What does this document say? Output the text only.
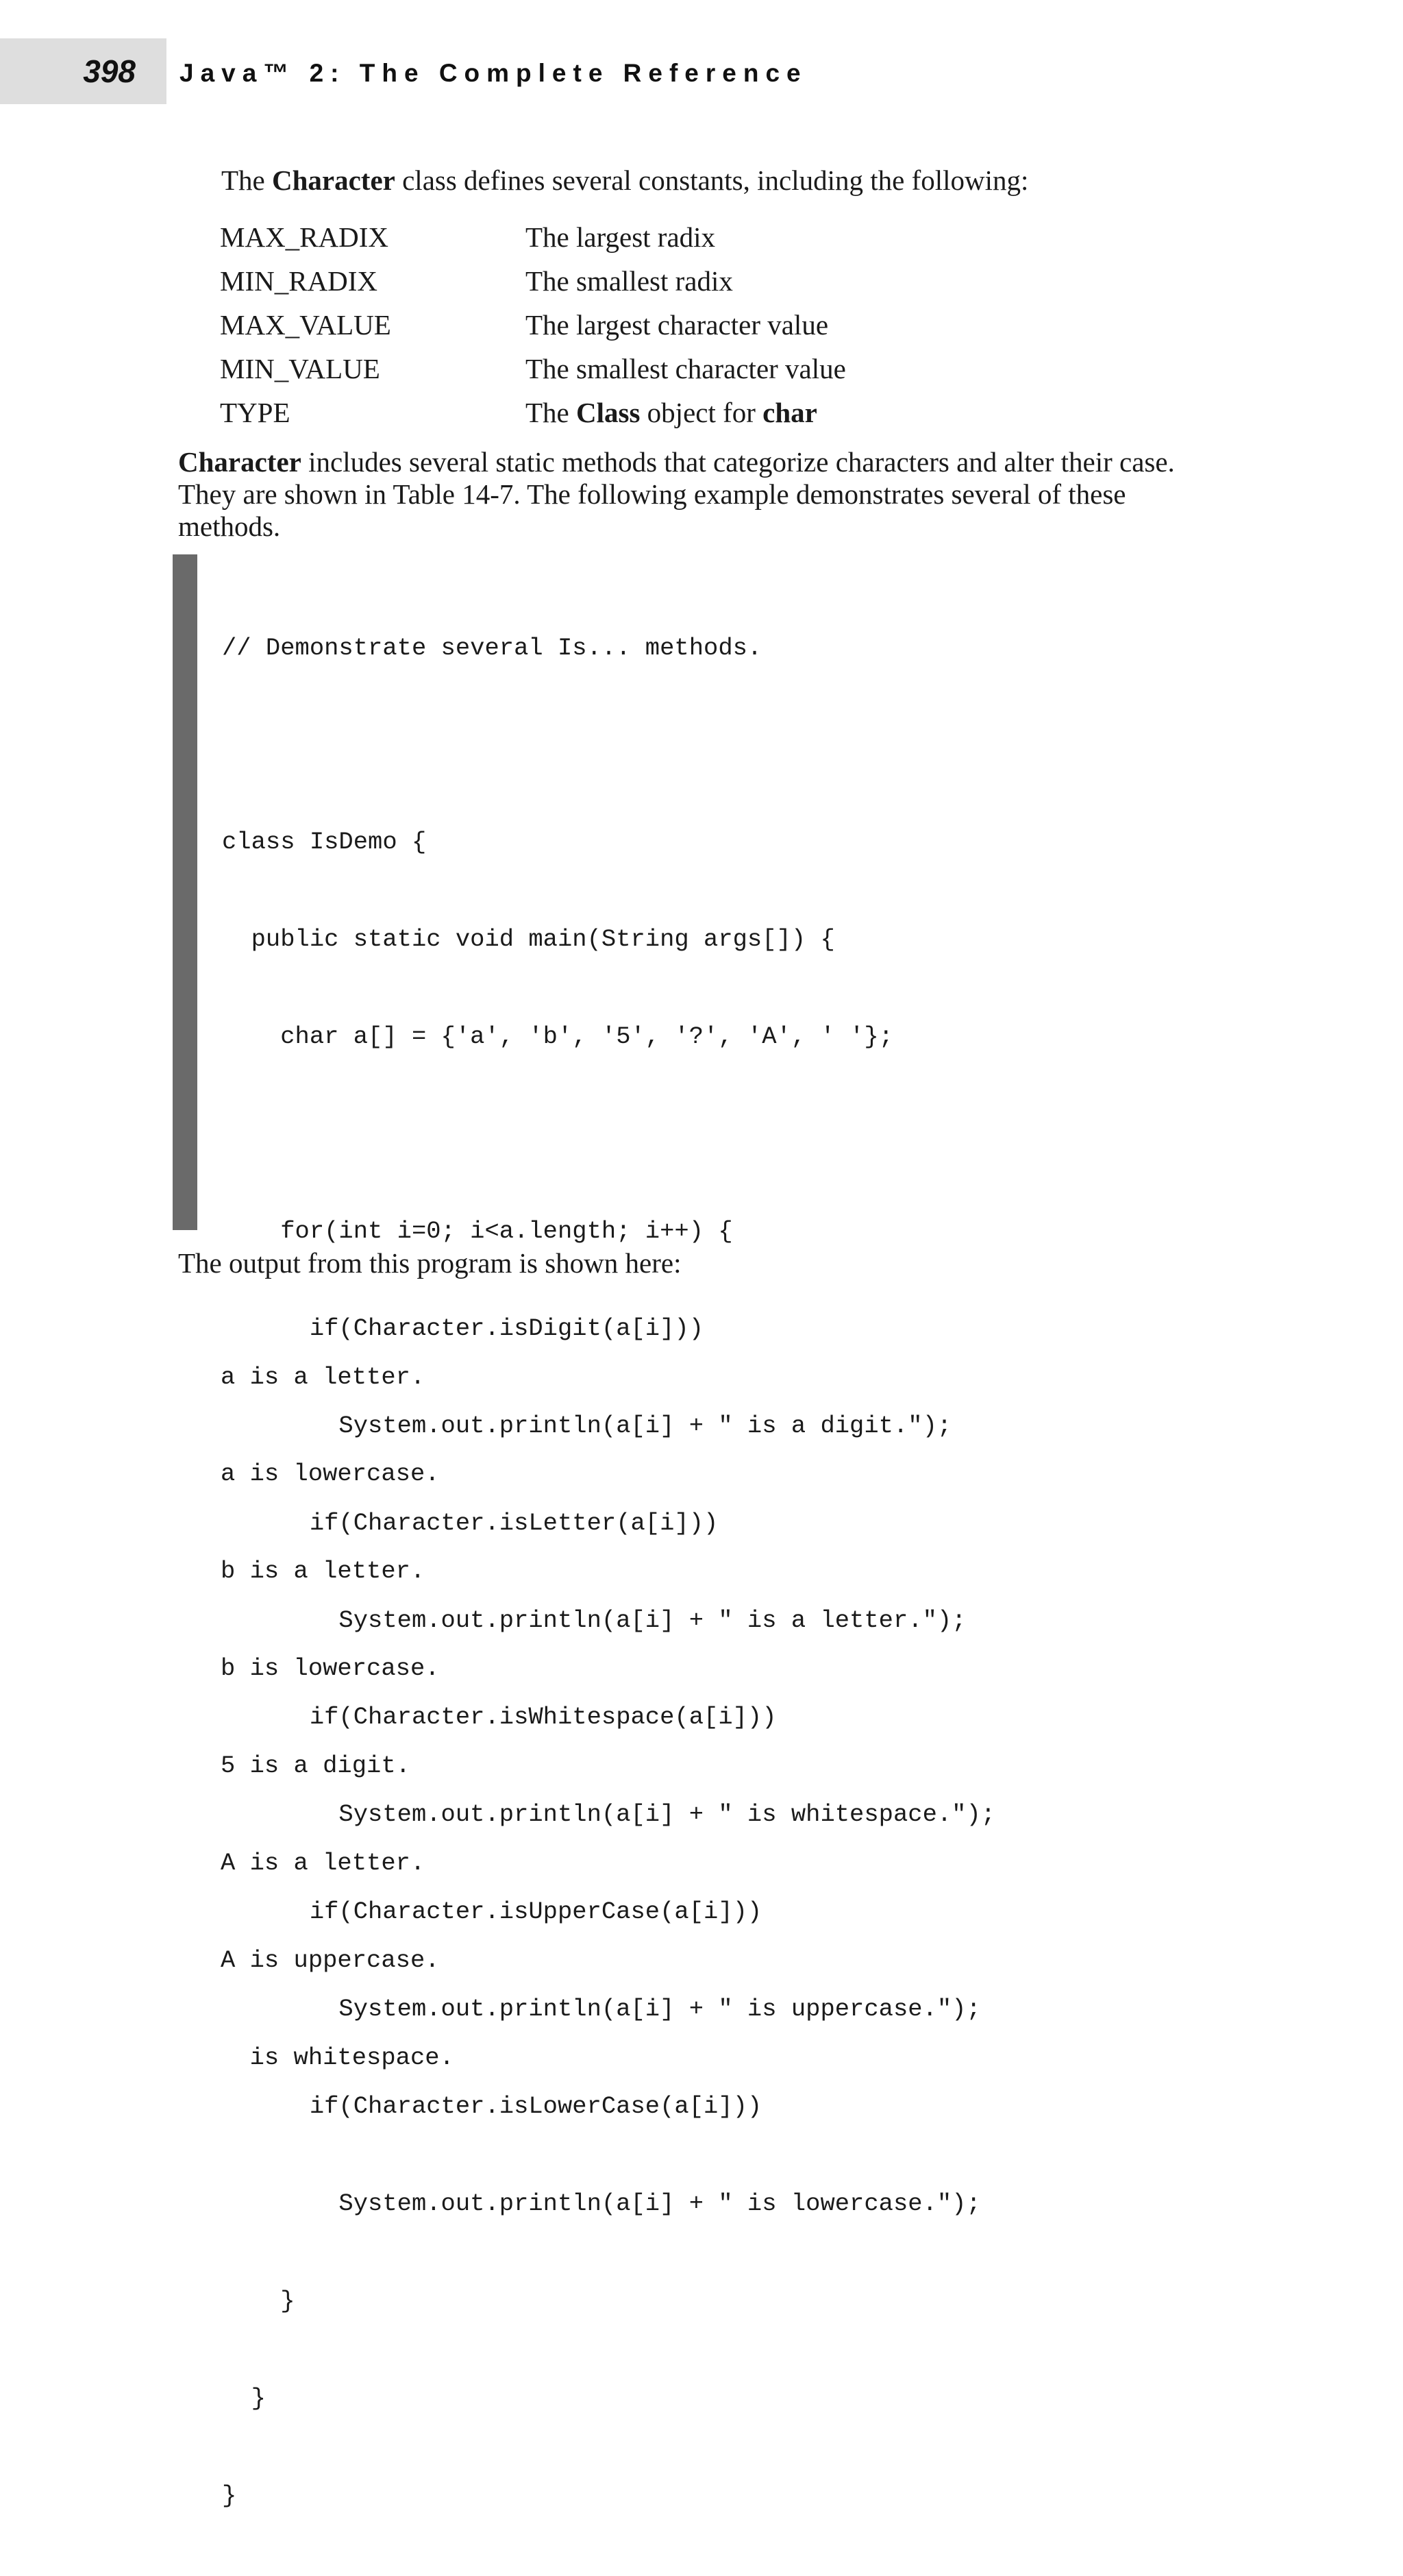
398 Java™ 2: The Complete Reference
The Character class defines several constants, including the following:
MAX_RADIX	The largest radix
MIN_RADIX	The smallest radix
MAX_VALUE	The largest character value
MIN_VALUE	The smallest character value
TYPE	The Class object for char
Character includes several static methods that categorize characters and alter their case. They are shown in Table 14-7. The following example demonstrates several of these methods.

// Demonstrate several Is... methods.

class IsDemo {

public static void main(String args[]) {

char a[] = {'a', 'b', '5', '?', 'A', ' '};

for(int i=0; i<a.length; i++) {

if(Character.isDigit(a[i]))

System.out.println(a[i] + " is a digit.");

if(Character.isLetter(a[i]))

System.out.println(a[i] + " is a letter.");

if(Character.isWhitespace(a[i]))

System.out.println(a[i] + " is whitespace.");

if(Character.isUpperCase(a[i]))

System.out.println(a[i] + " is uppercase.");

if(Character.isLowerCase(a[i]))

System.out.println(a[i] + " is lowercase.");

}

}

}

The output from this program is shown here:

a is a letter.

a is lowercase.

b is a letter.

b is lowercase.

5 is a digit.

A is a letter.

A is uppercase.

is whitespace.
